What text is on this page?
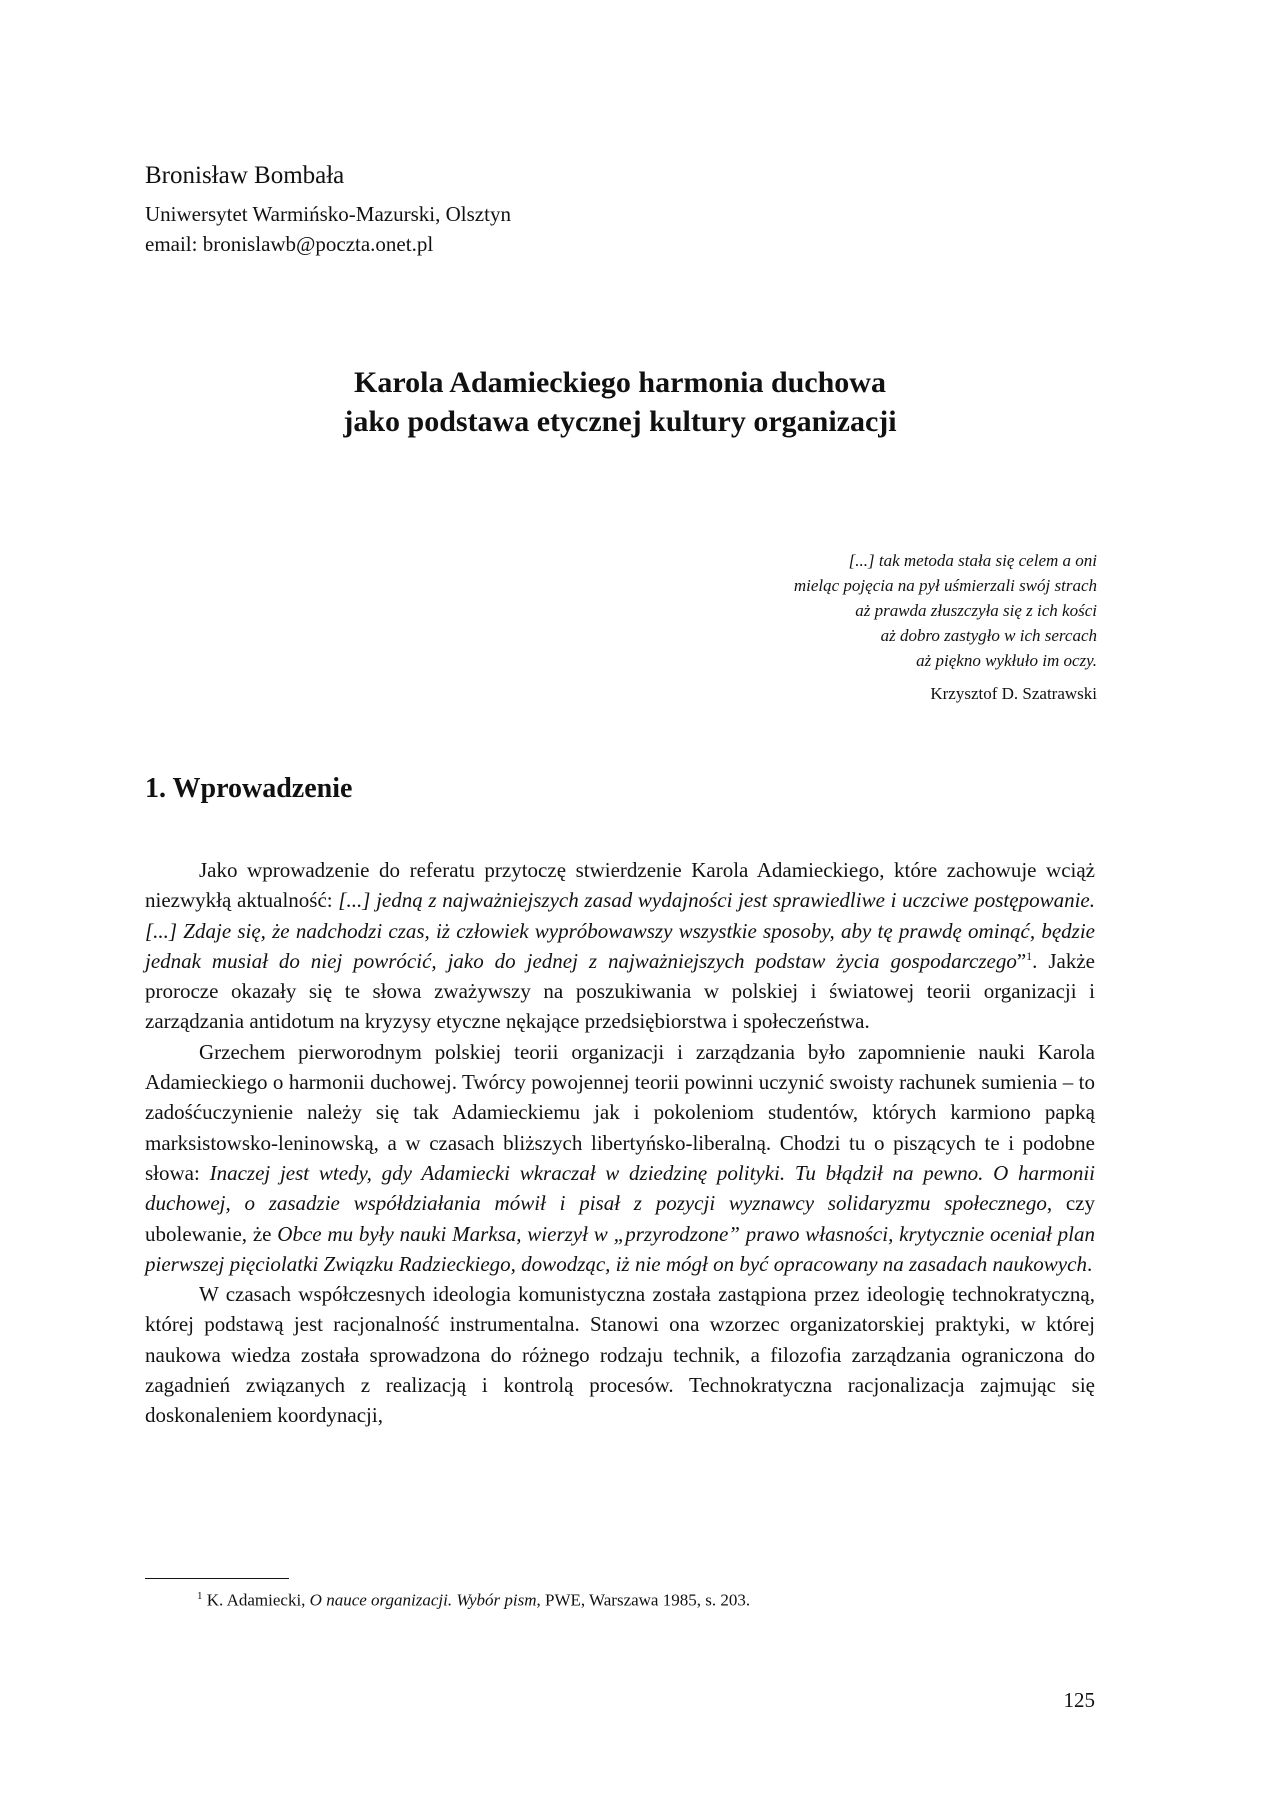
Bronisław Bombała
Uniwersytet Warmińsko-Mazurski, Olsztyn
email: bronislawb@poczta.onet.pl
Karola Adamieckiego harmonia duchowa
jako podstawa etycznej kultury organizacji
[...] tak metoda stała się celem a oni
mieląc pojęcia na pył uśmierzali swój strach
aż prawda złuszczyła się z ich kości
aż dobro zastygło w ich sercach
aż piękno wykłuło im oczy.
Krzysztof D. Szatrawski
1. Wprowadzenie

Jako wprowadzenie do referatu przytoczę stwierdzenie Karola Adamieckiego, które zachowuje wciąż niezwykłą aktualność: [...] jedną z najważniejszych zasad wydajności jest sprawiedliwe i uczciwe postępowanie. [...] Zdaje się, że nadchodzi czas, iż człowiek wypróbowawszy wszystkie sposoby, aby tę prawdę ominąć, będzie jednak musiał do niej powrócić, jako do jednej z najważniejszych podstaw życia gospodarczego”$^1$. Jakże prorocze okazały się te słowa zważywszy na poszukiwania w polskiej i światowej teorii organizacji i zarządzania antidotum na kryzysy etyczne nękające przedsiębiorstwa i społeczeństwa.

Grzechem pierworodnym polskiej teorii organizacji i zarządzania było zapomnienie nauki Karola Adamieckiego o harmonii duchowej. Twórcy powojennej teorii powinni uczynić swoisty rachunek sumienia – to zadośćuczynienie należy się tak Adamieckiemu jak i pokoleniom studentów, których karmiono papką marksistowsko-leninowską, a w czasach bliższych libertyńsko-liberalną. Chodzi tu o piszących te i podobne słowa: Inaczej jest wtedy, gdy Adamiecki wkraczał w dziedzinę polityki. Tu błądził na pewno. O harmonii duchowej, o zasadzie współdziałania mówił i pisał z pozycji wyznawcy solidaryzmu społecznego, czy ubolewanie, że Obce mu były nauki Marksa, wierzył w „przyrodzone” prawo własności, krytycznie oceniał plan pierwszej pięciolatki Związku Radzieckiego, dowodząc, iż nie mógł on być opracowany na zasadach naukowych.

W czasach współczesnych ideologia komunistyczna została zastąpiona przez ideologię technokratyczną, której podstawą jest racjonalność instrumentalna. Stanowi ona wzorzec organizatorskiej praktyki, w której naukowa wiedza została sprowadzona do różnego rodzaju technik, a filozofia zarządzania ograniczona do zagadnień związanych z realizacją i kontrolą procesów. Technokratyczna racjonalizacja zajmując się doskonaleniem koordynacji,

$^1$ K. Adamiecki, O nauce organizacji. Wybór pism, PWE, Warszawa 1985, s. 203.
125
